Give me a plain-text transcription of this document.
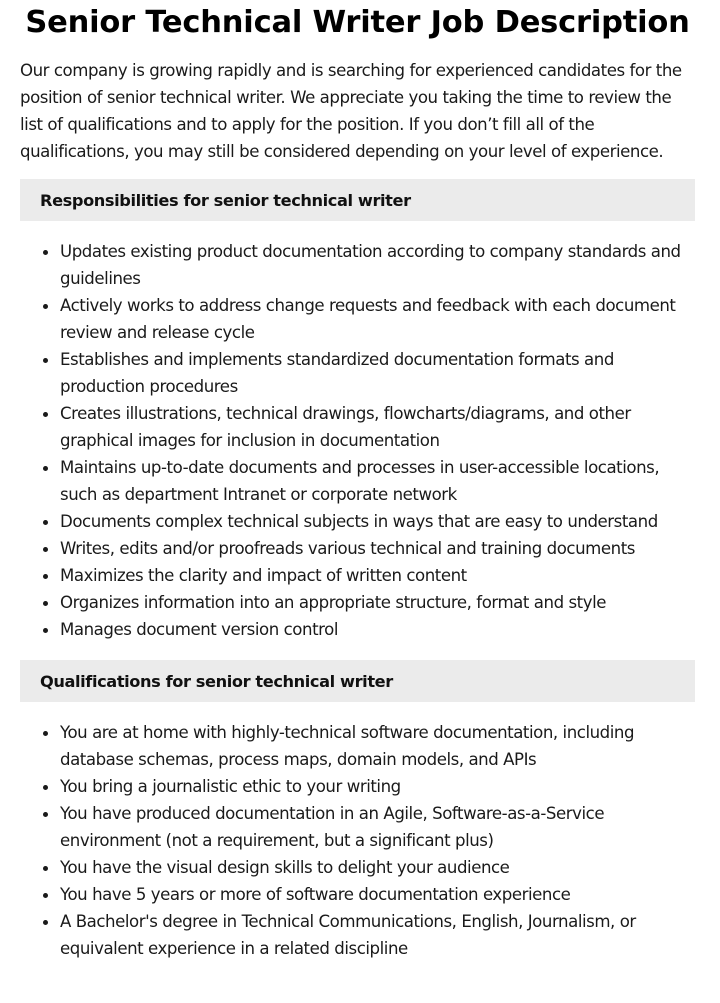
Senior Technical Writer Job Description

Our company is growing rapidly and is searching for experienced candidates for the position of senior technical writer. We appreciate you taking the time to review the list of qualifications and to apply for the position. If you don’t fill all of the qualifications, you may still be considered depending on your level of experience.

Responsibilities for senior technical writer
Updates existing product documentation according to company standards and guidelines
Actively works to address change requests and feedback with each document review and release cycle
Establishes and implements standardized documentation formats and production procedures
Creates illustrations, technical drawings, flowcharts/diagrams, and other graphical images for inclusion in documentation
Maintains up-to-date documents and processes in user-accessible locations, such as department Intranet or corporate network
Documents complex technical subjects in ways that are easy to understand
Writes, edits and/or proofreads various technical and training documents
Maximizes the clarity and impact of written content
Organizes information into an appropriate structure, format and style
Manages document version control
Qualifications for senior technical writer
You are at home with highly-technical software documentation, including database schemas, process maps, domain models, and APIs
You bring a journalistic ethic to your writing
You have produced documentation in an Agile, Software-as-a-Service environment (not a requirement, but a significant plus)
You have the visual design skills to delight your audience
You have 5 years or more of software documentation experience
A Bachelor's degree in Technical Communications, English, Journalism, or equivalent experience in a related discipline
